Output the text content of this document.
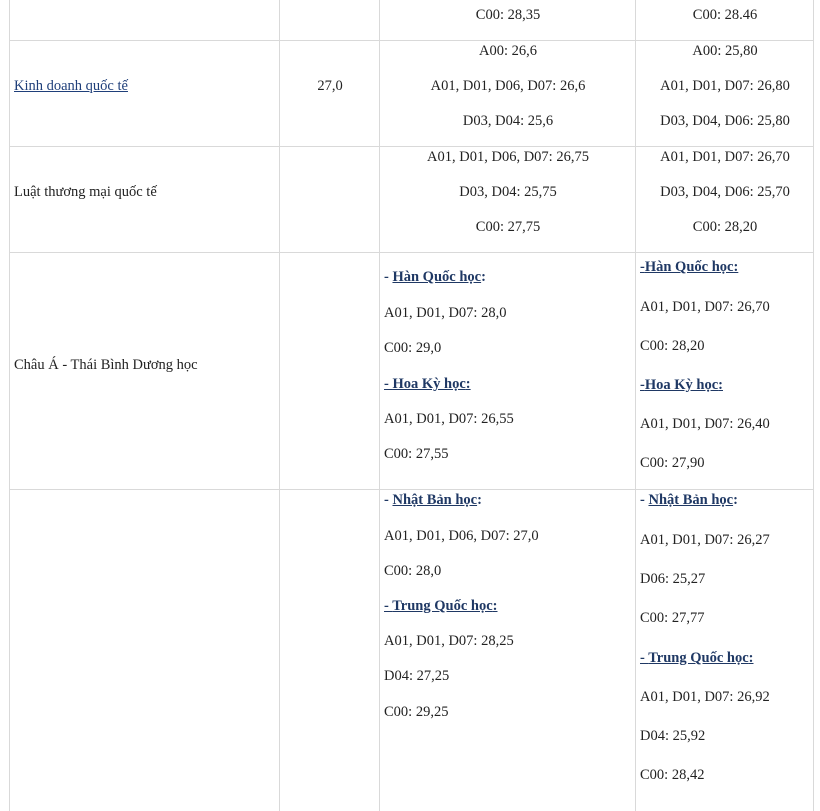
C00: 28,35	C00: 28.46
Kinh doanh quốc tế	27,0
A00: 26,6
A01, D01, D06, D07: 26,6
D03, D04: 25,6
A00: 25,80
A01, D01, D07: 26,80
D03, D04, D06: 25,80
Luật thương mại quốc tế
A01, D01, D06, D07: 26,75
D03, D04: 25,75
C00: 27,75
A01, D01, D07: 26,70
D03, D04, D06: 25,70
C00: 28,20
Châu Á - Thái Bình Dương học
- Hàn Quốc học:
A01, D01, D07: 28,0
C00: 29,0
- Hoa Kỳ học:
A01, D01, D07: 26,55
C00: 27,55
-Hàn Quốc học:
A01, D01, D07: 26,70
C00: 28,20
-Hoa Kỳ học:
A01, D01, D07: 26,40
C00: 27,90
- Nhật Bản học:
A01, D01, D06, D07: 27,0
C00: 28,0
- Trung Quốc học:
A01, D01, D07: 28,25
D04: 27,25
C00: 29,25
- Nhật Bản học:
A01, D01, D07: 26,27
D06: 25,27
C00: 27,77
- Trung Quốc học:
A01, D01, D07: 26,92
D04: 25,92
C00: 28,42
